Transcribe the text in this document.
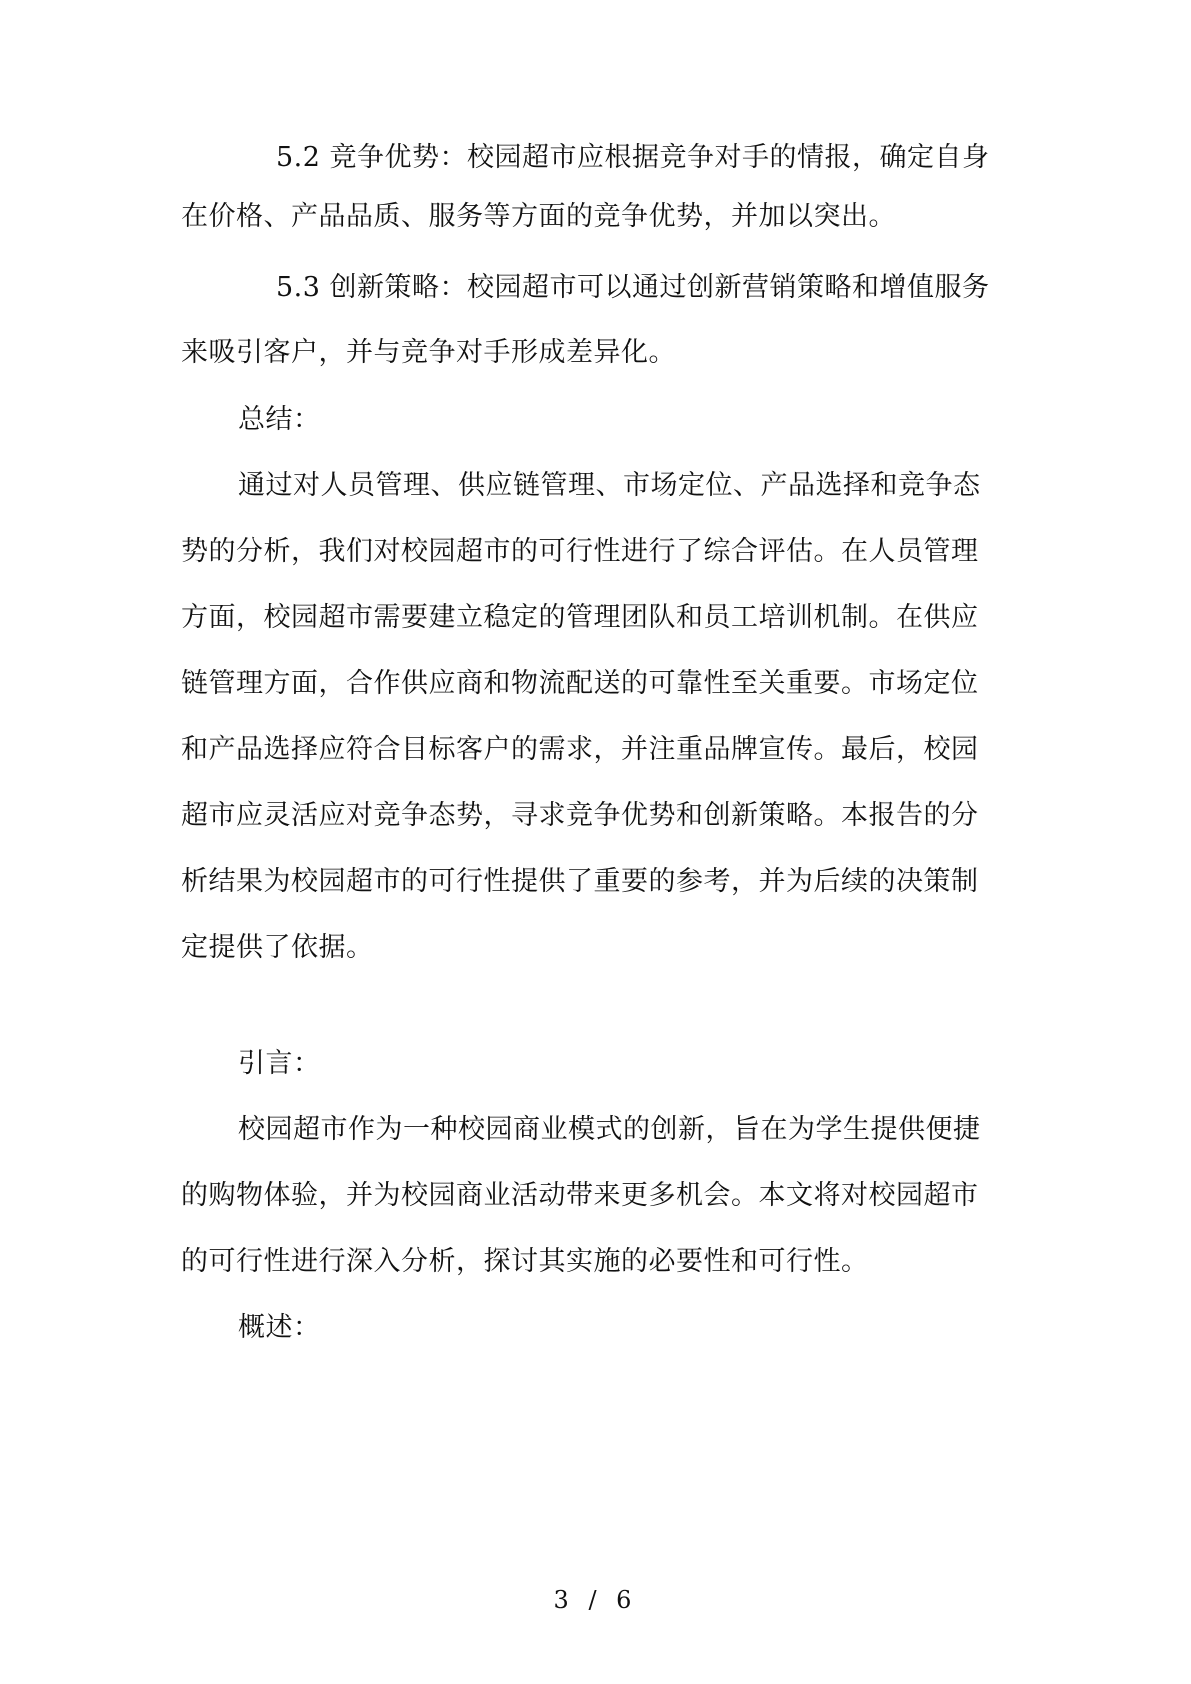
5.2 竞争优势：校园超市应根据竞争对手的情报，确定自身
在价格、产品品质、服务等方面的竞争优势，并加以突出。
5.3 创新策略：校园超市可以通过创新营销策略和增值服务
来吸引客户，并与竞争对手形成差异化。
总结：
通过对人员管理、供应链管理、市场定位、产品选择和竞争态
势的分析，我们对校园超市的可行性进行了综合评估。在人员管理
方面，校园超市需要建立稳定的管理团队和员工培训机制。在供应
链管理方面，合作供应商和物流配送的可靠性至关重要。市场定位
和产品选择应符合目标客户的需求，并注重品牌宣传。最后，校园
超市应灵活应对竞争态势，寻求竞争优势和创新策略。本报告的分
析结果为校园超市的可行性提供了重要的参考，并为后续的决策制
定提供了依据。
引言：
校园超市作为一种校园商业模式的创新，旨在为学生提供便捷
的购物体验，并为校园商业活动带来更多机会。本文将对校园超市
的可行性进行深入分析，探讨其实施的必要性和可行性。
概述：
3 / 6
